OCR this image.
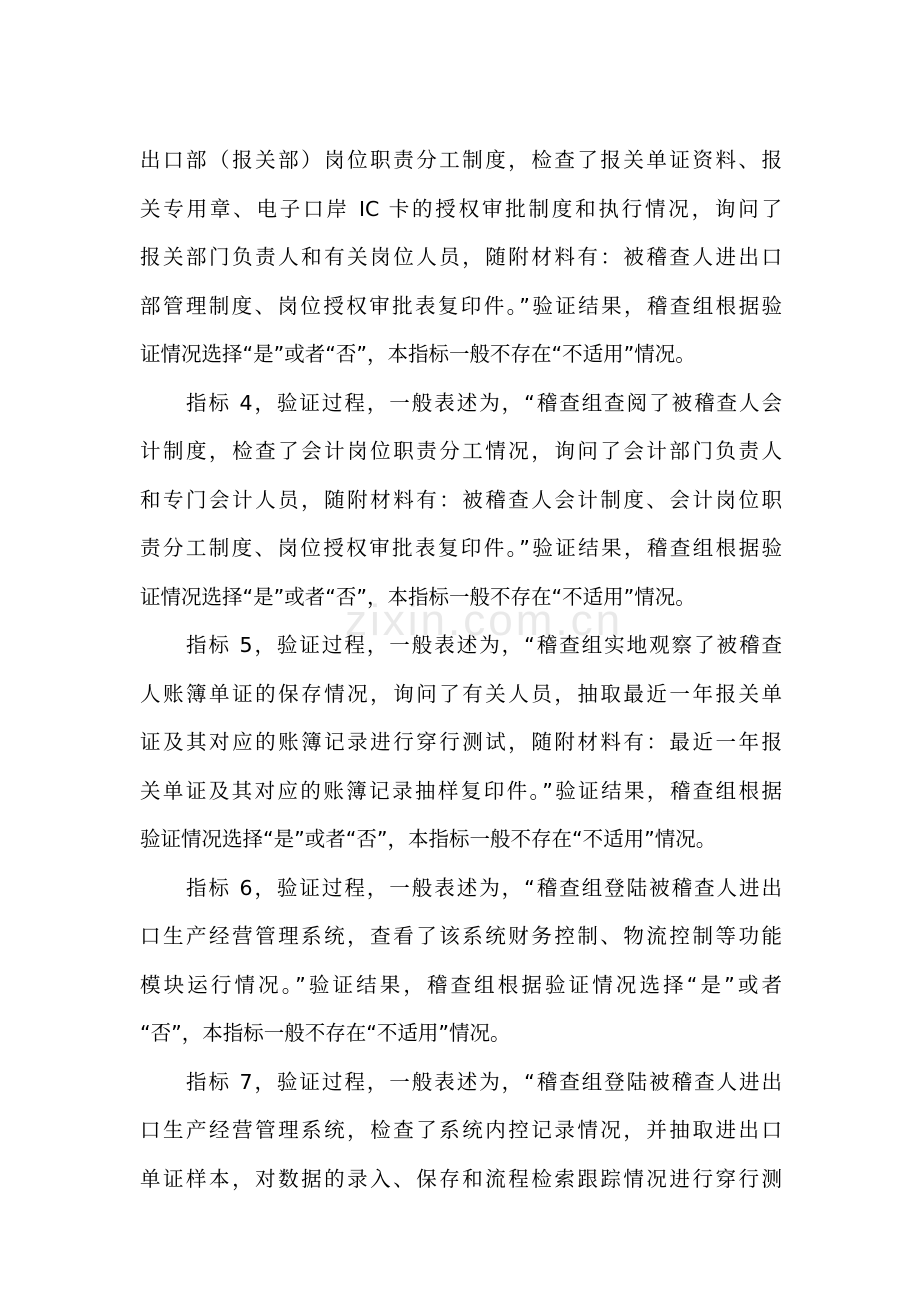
zixin.com.cn
出口部（报关部）岗位职责分工制度，检查了报关单证资料、报
关专用章、电子口岸 IC 卡的授权审批制度和执行情况，询问了
报关部门负责人和有关岗位人员，随附材料有：被稽查人进出口
部管理制度、岗位授权审批表复印件。”验证结果，稽查组根据验
证情况选择“是”或者“否”，本指标一般不存在“不适用”情况。
指标 4，验证过程，一般表述为，“稽查组查阅了被稽查人会
计制度，检查了会计岗位职责分工情况，询问了会计部门负责人
和专门会计人员，随附材料有：被稽查人会计制度、会计岗位职
责分工制度、岗位授权审批表复印件。”验证结果，稽查组根据验
证情况选择“是”或者“否”，本指标一般不存在“不适用”情况。
指标 5，验证过程，一般表述为，“稽查组实地观察了被稽查
人账簿单证的保存情况，询问了有关人员，抽取最近一年报关单
证及其对应的账簿记录进行穿行测试，随附材料有：最近一年报
关单证及其对应的账簿记录抽样复印件。”验证结果，稽查组根据
验证情况选择“是”或者“否”，本指标一般不存在“不适用”情况。
指标 6，验证过程，一般表述为，“稽查组登陆被稽查人进出
口生产经营管理系统，查看了该系统财务控制、物流控制等功能
模块运行情况。”验证结果，稽查组根据验证情况选择“是”或者
“否”，本指标一般不存在“不适用”情况。
指标 7，验证过程，一般表述为，“稽查组登陆被稽查人进出
口生产经营管理系统，检查了系统内控记录情况，并抽取进出口
单证样本，对数据的录入、保存和流程检索跟踪情况进行穿行测
